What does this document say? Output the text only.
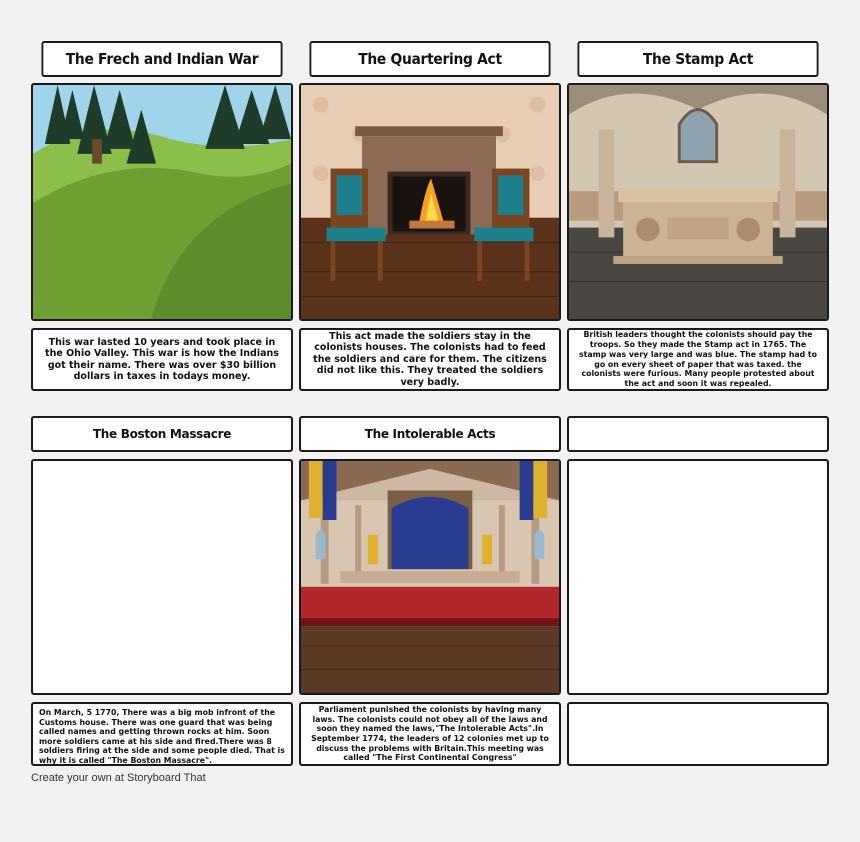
The Frech and Indian War	The Quartering Act	The Stamp Act
This war lasted 10 years and took place in the Ohio Valley. This war is how the Indians got their name. There was over $30 billion dollars in taxes in todays money.
This act made the soldiers stay in the colonists houses. The colonists had to feed the soldiers and care for them. The citizens did not like this. They treated the soldiers very badly.
British leaders thought the colonists should pay the troops. So they made the Stamp act in 1765. The stamp was very large and was blue. The stamp had to go on every sheet of paper that was taxed. the colonists were furious. Many people protested about the act and soon it was repealed.
The Boston Massacre	The Intolerable Acts
On March, 5 1770, There was a big mob infront of the Customs house. There was one guard that was being called names and getting thrown rocks at him. Soon more soldiers came at his side and fired.There was 8 soldiers firing at the side and some people died. That is why it is called "The Boston Massacre".
Parliament punished the colonists by having many laws. The colonists could not obey all of the laws and soon they named the laws,"The Intolerable Acts".In September 1774, the leaders of 12 colonies met up to discuss the problems with Britain.This meeting was called "The First Continental Congress"
Create your own at Storyboard That
